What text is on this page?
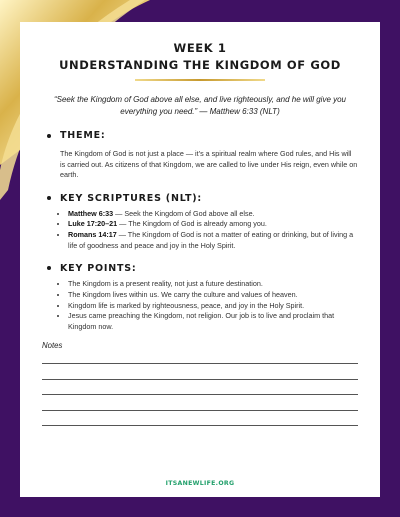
WEEK 1
UNDERSTANDING THE KINGDOM OF GOD
“Seek the Kingdom of God above all else, and live righteously, and he will give you everything you need.” — Matthew 6:33 (NLT)
THEME:
The Kingdom of God is not just a place — it’s a spiritual realm where God rules, and His will is carried out. As citizens of that Kingdom, we are called to live under His reign, even while on earth.
KEY SCRIPTURES (NLT):
• Matthew 6:33 — Seek the Kingdom of God above all else.
• Luke 17:20–21 — The Kingdom of God is already among you.
• Romans 14:17 — The Kingdom of God is not a matter of eating or drinking, but of living a life of goodness and peace and joy in the Holy Spirit.
KEY POINTS:
• The Kingdom is a present reality, not just a future destination.
• The Kingdom lives within us. We carry the culture and values of heaven.
• Kingdom life is marked by righteousness, peace, and joy in the Holy Spirit.
• Jesus came preaching the Kingdom, not religion. Our job is to live and proclaim that Kingdom now.
Notes
ITSANEWLIFE.ORG
